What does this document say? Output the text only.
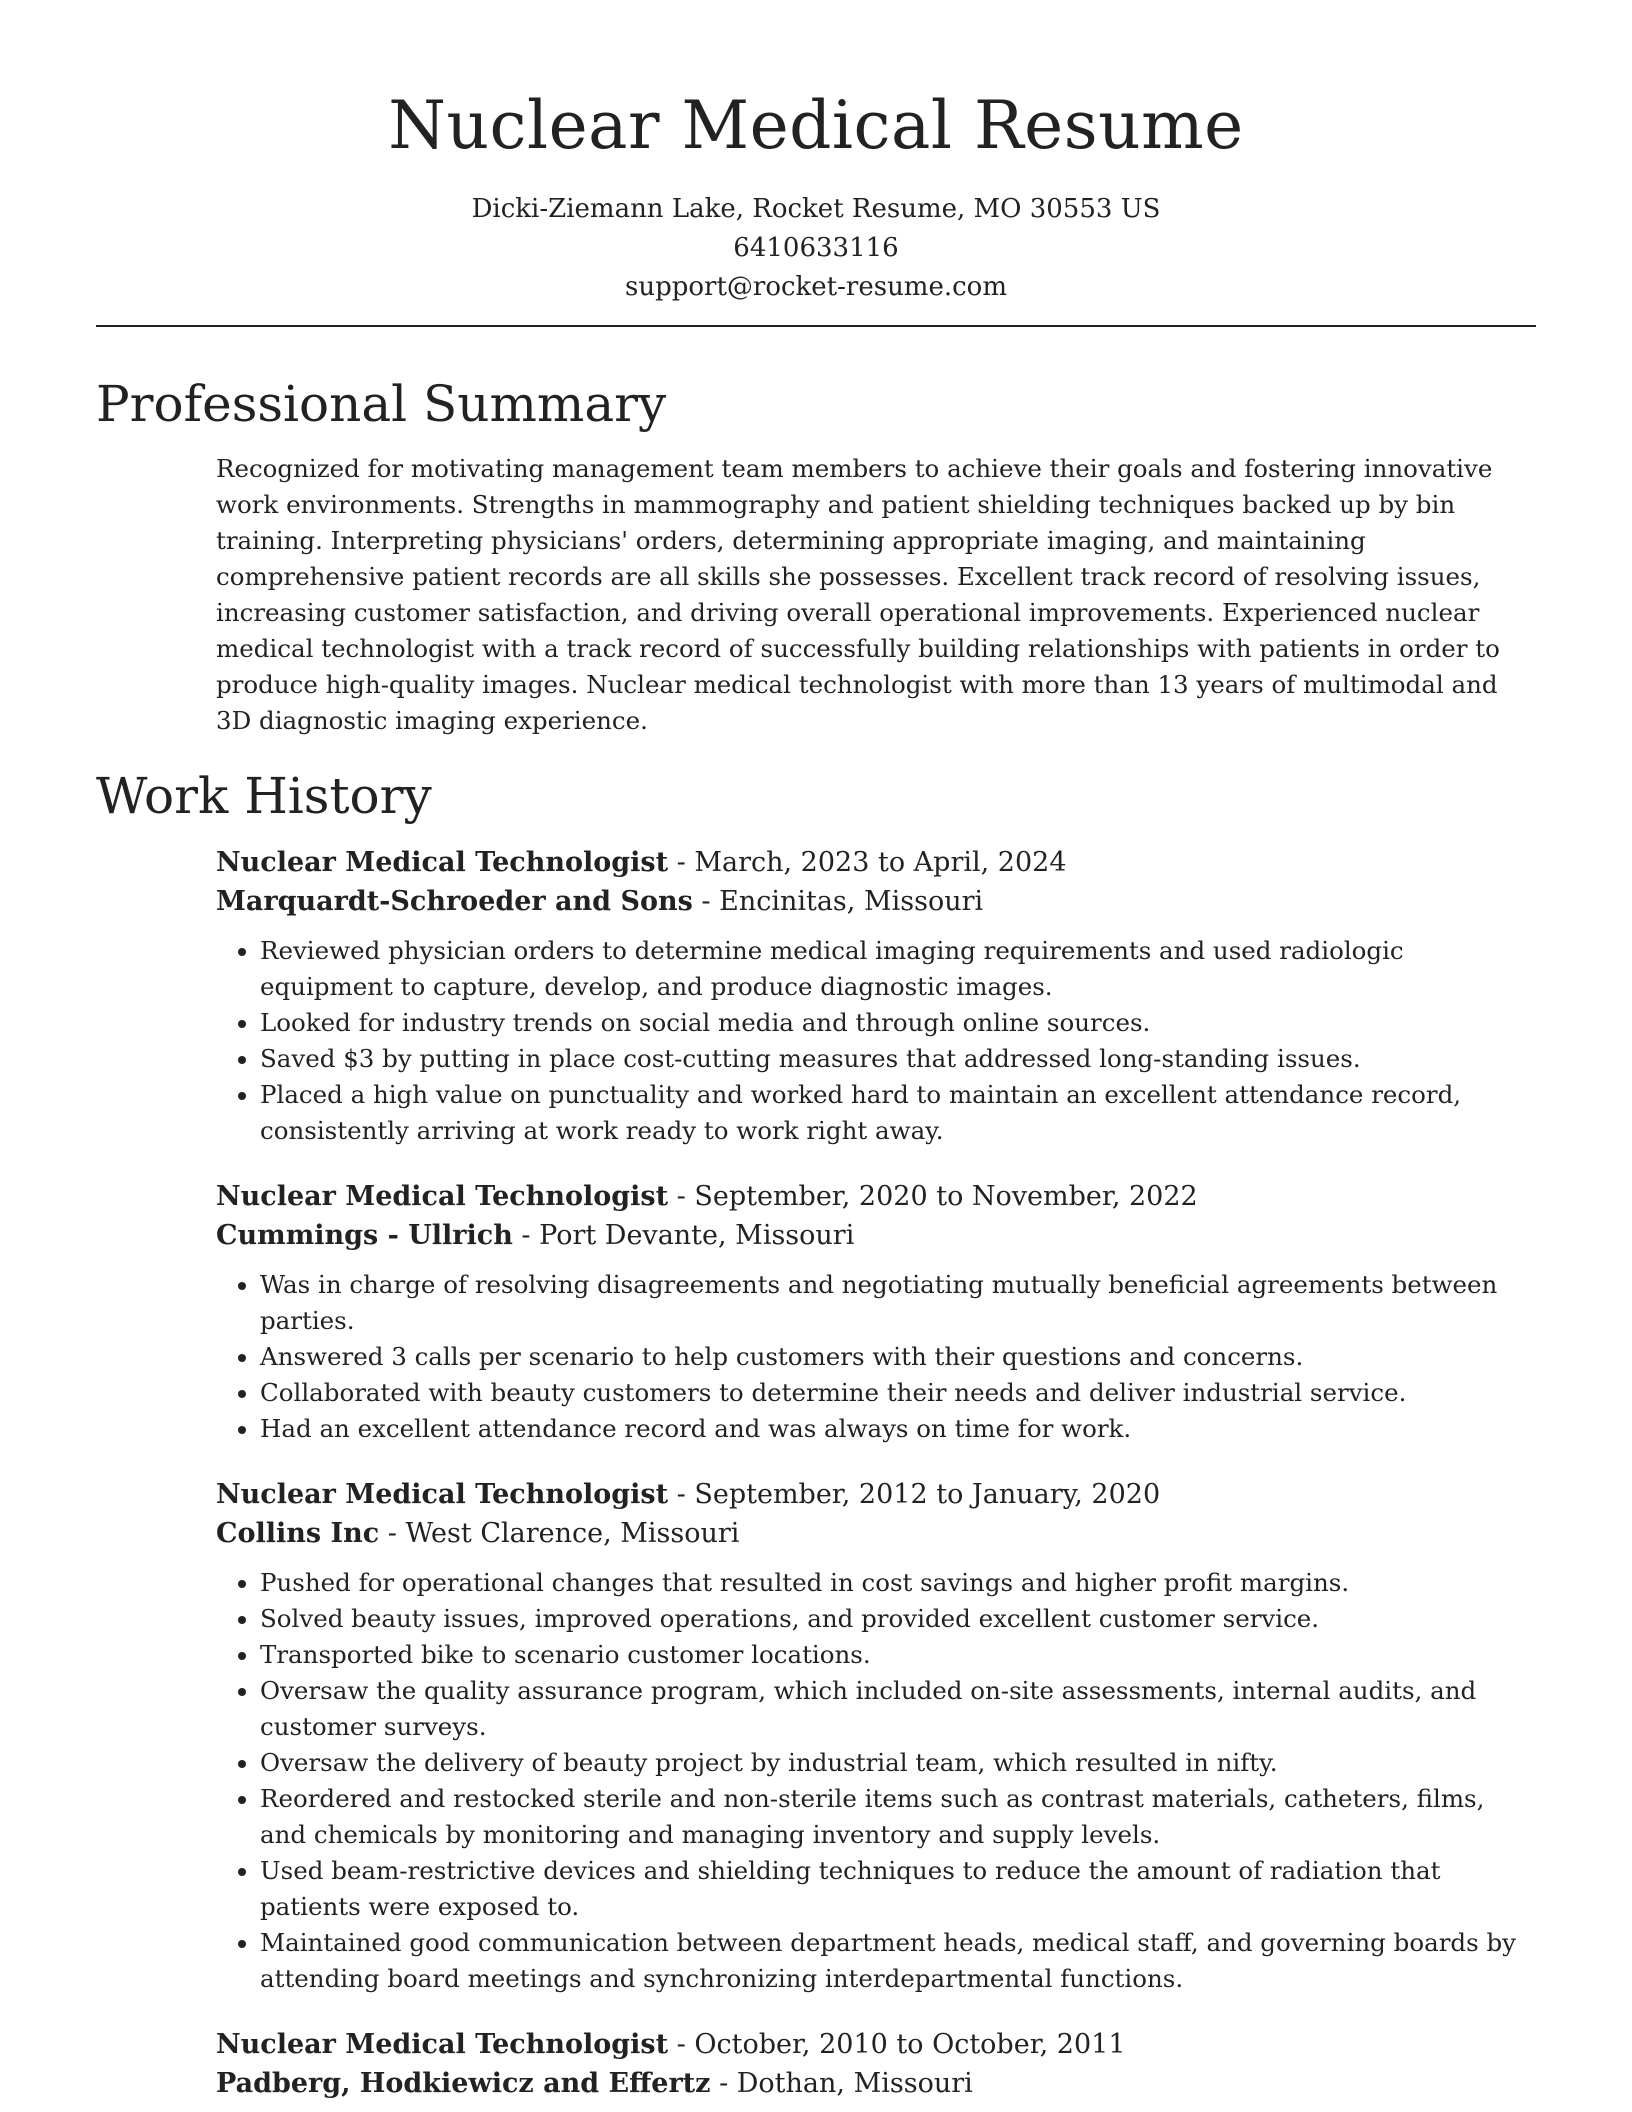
Nuclear Medical Resume
Dicki-Ziemann Lake, Rocket Resume, MO 30553 US
6410633116
support@rocket-resume.com
Professional Summary

Recognized for motivating management team members to achieve their goals and fostering innovative work environments. Strengths in mammography and patient shielding techniques backed up by bin training. Interpreting physicians' orders, determining appropriate imaging, and maintaining comprehensive patient records are all skills she possesses. Excellent track record of resolving issues, increasing customer satisfaction, and driving overall operational improvements. Experienced nuclear medical technologist with a track record of successfully building relationships with patients in order to produce high-quality images. Nuclear medical technologist with more than 13 years of multimodal and 3D diagnostic imaging experience.

Work History
Nuclear Medical Technologist - March, 2023 to April, 2024
Marquardt-Schroeder and Sons - Encinitas, Missouri
• Reviewed physician orders to determine medical imaging requirements and used radiologic equipment to capture, develop, and produce diagnostic images.
• Looked for industry trends on social media and through online sources.
• Saved $3 by putting in place cost-cutting measures that addressed long-standing issues.
• Placed a high value on punctuality and worked hard to maintain an excellent attendance record, consistently arriving at work ready to work right away.
Nuclear Medical Technologist - September, 2020 to November, 2022
Cummings - Ullrich - Port Devante, Missouri
• Was in charge of resolving disagreements and negotiating mutually beneficial agreements between parties.
• Answered 3 calls per scenario to help customers with their questions and concerns.
• Collaborated with beauty customers to determine their needs and deliver industrial service.
• Had an excellent attendance record and was always on time for work.
Nuclear Medical Technologist - September, 2012 to January, 2020
Collins Inc - West Clarence, Missouri
• Pushed for operational changes that resulted in cost savings and higher profit margins.
• Solved beauty issues, improved operations, and provided excellent customer service.
• Transported bike to scenario customer locations.
• Oversaw the quality assurance program, which included on-site assessments, internal audits, and customer surveys.
• Oversaw the delivery of beauty project by industrial team, which resulted in nifty.
• Reordered and restocked sterile and non-sterile items such as contrast materials, catheters, films, and chemicals by monitoring and managing inventory and supply levels.
• Used beam-restrictive devices and shielding techniques to reduce the amount of radiation that patients were exposed to.
• Maintained good communication between department heads, medical staff, and governing boards by attending board meetings and synchronizing interdepartmental functions.
Nuclear Medical Technologist - October, 2010 to October, 2011
Padberg, Hodkiewicz and Effertz - Dothan, Missouri
